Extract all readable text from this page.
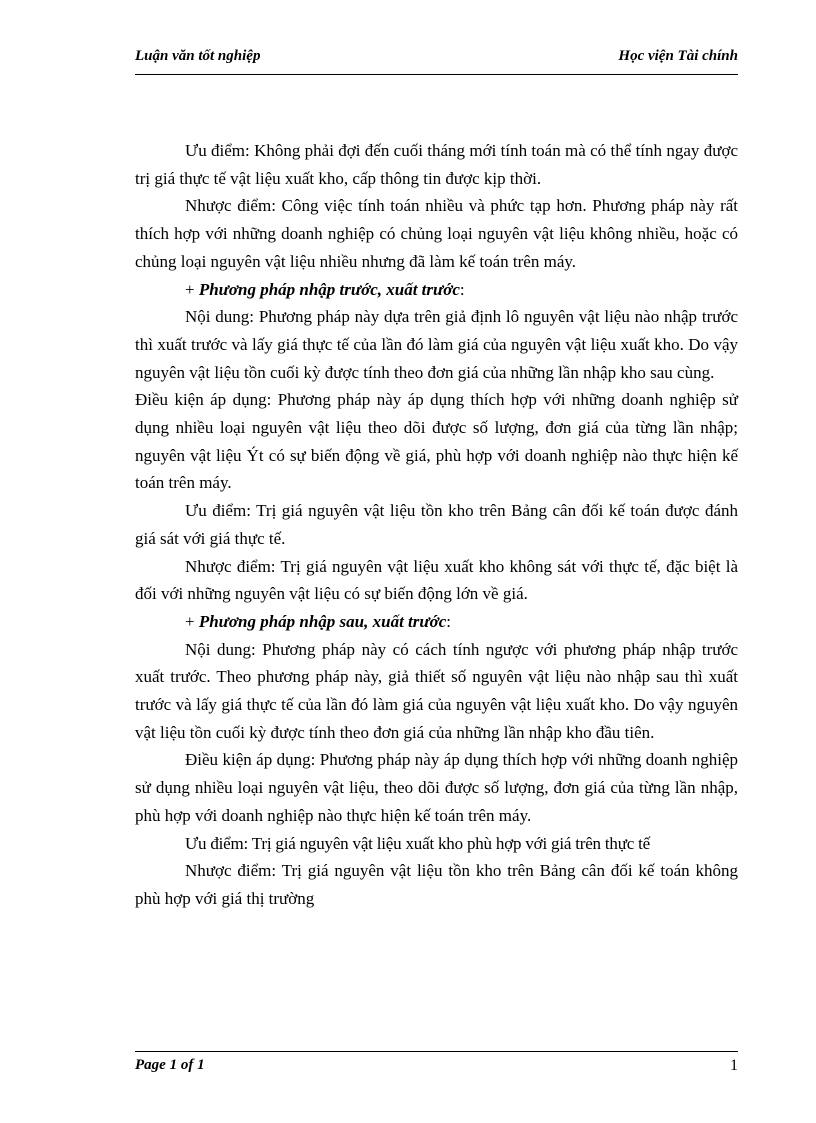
Luận văn tốt nghiệp	Học viện Tài chính

Ưu điểm: Không phải đợi đến cuối tháng mới tính toán mà có thể tính ngay được trị giá thực tế vật liệu xuất kho, cấp thông tin được kịp thời.

Nhược điểm: Công việc tính toán nhiều và phức tạp hơn. Phương pháp này rất thích hợp với những doanh nghiệp có chủng loại nguyên vật liệu không nhiều, hoặc có chủng loại nguyên vật liệu nhiều nhưng đã làm kế toán trên máy.

+ Phương pháp nhập trước, xuất trước:

Nội dung: Phương pháp này dựa trên giả định lô nguyên vật liệu nào nhập trước thì xuất trước và lấy giá thực tế của lần đó làm giá của nguyên vật liệu xuất kho. Do vậy nguyên vật liệu tồn cuối kỳ được tính theo đơn giá của những lần nhập kho sau cùng.

Điều kiện áp dụng: Phương pháp này áp dụng thích hợp với những doanh nghiệp sử dụng nhiều loại nguyên vật liệu theo dõi được số lượng, đơn giá của từng lần nhập; nguyên vật liệu Ýt có sự biến động về giá, phù hợp với doanh nghiệp nào thực hiện kế toán trên máy.

Ưu điểm: Trị giá nguyên vật liệu tồn kho trên Bảng cân đối kế toán được đánh giá sát với giá thực tế.

Nhược điểm: Trị giá nguyên vật liệu xuất kho không sát với thực tế, đặc biệt là đối với những nguyên vật liệu có sự biến động lớn về giá.

+ Phương pháp nhập sau, xuất trước:

Nội dung: Phương pháp này có cách tính ngược với phương pháp nhập trước xuất trước. Theo phương pháp này, giả thiết số nguyên vật liệu nào nhập sau thì xuất trước và lấy giá thực tế của lần đó làm giá của nguyên vật liệu xuất kho. Do vậy nguyên vật liệu tồn cuối kỳ được tính theo đơn giá của những lần nhập kho đầu tiên.

Điều kiện áp dụng: Phương pháp này áp dụng thích hợp với những doanh nghiệp sử dụng nhiều loại nguyên vật liệu, theo dõi được số lượng, đơn giá của từng lần nhập, phù hợp với doanh nghiệp nào thực hiện kế toán trên máy.

Ưu điểm: Trị giá nguyên vật liệu xuất kho phù hợp với giá trên thực tế

Nhược điểm: Trị giá nguyên vật liệu tồn kho trên Bảng cân đối kế toán không phù hợp với giá thị trường

Page 1 of 1	1
